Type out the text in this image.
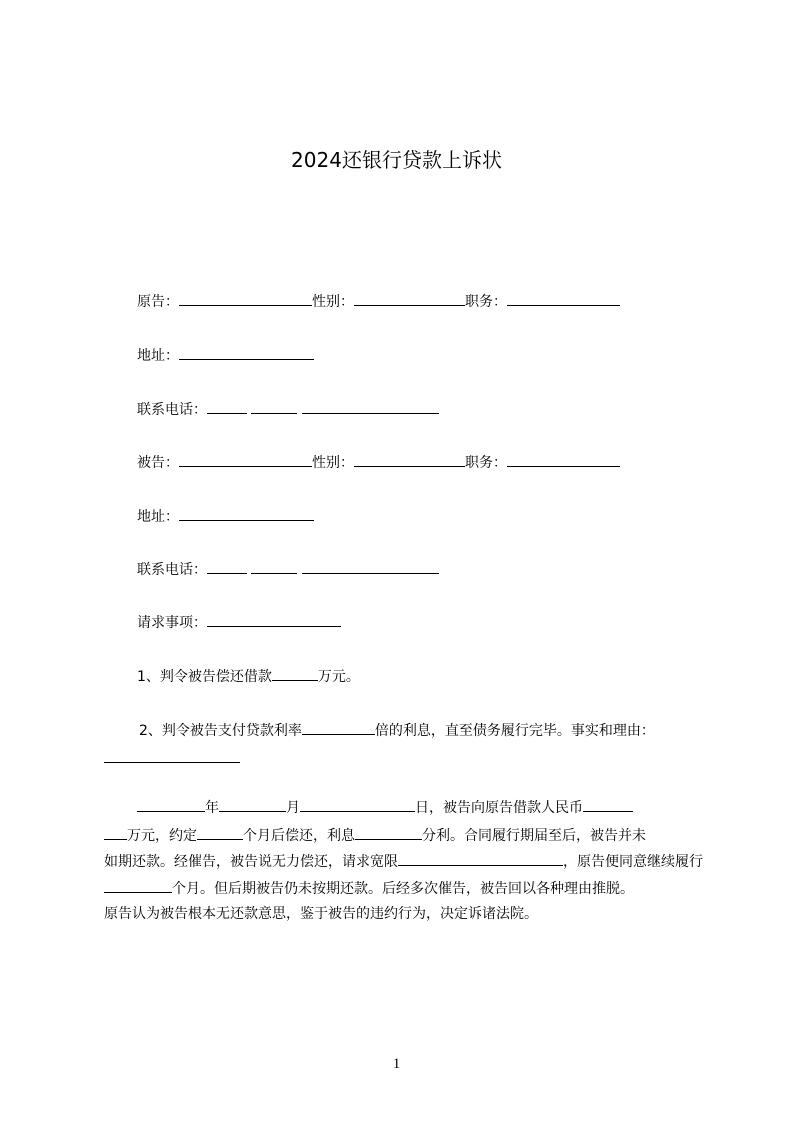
2024还银行贷款上诉状
原告：	性别：	职务：
地址：
联系电话：
被告：	性别：	职务：
地址：
联系电话：
请求事项：
1、判令被告偿还借款	万元。
2、判令被告支付贷款利率	倍的利息，直至债务履行完毕。事实和理由：
年	月	日，被告向原告借款人民币
万元，约定	个月后偿还，利息	分利。合同履行期届至后，被告并未
如期还款。经催告，被告说无力偿还，请求宽限	，原告便同意继续履行
个月。但后期被告仍未按期还款。后经多次催告，被告回以各种理由推脱。
原告认为被告根本无还款意思，鉴于被告的违约行为，决定诉诸法院。
1
